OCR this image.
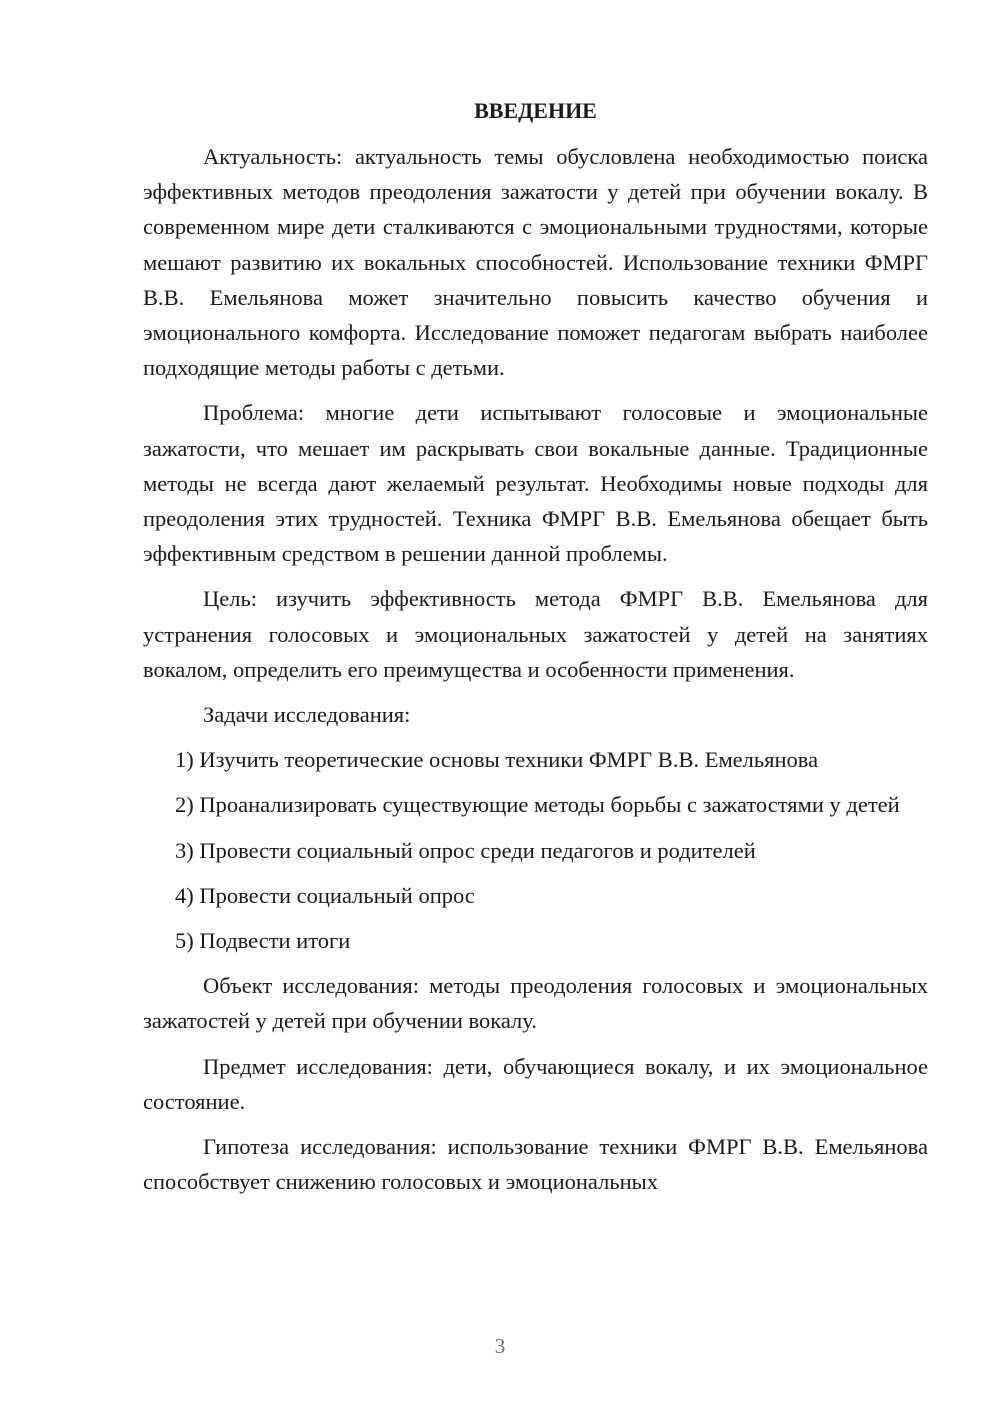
ВВЕДЕНИЕ

Актуальность: актуальность темы обусловлена необходимостью поиска эффективных методов преодоления зажатости у детей при обучении вокалу. В современном мире дети сталкиваются с эмоциональными трудностями, которые мешают развитию их вокальных способностей. Использование техники ФМРГ В.В. Емельянова может значительно повысить качество обучения и эмоционального комфорта. Исследование поможет педагогам выбрать наиболее подходящие методы работы с детьми.

Проблема: многие дети испытывают голосовые и эмоциональные зажатости, что мешает им раскрывать свои вокальные данные. Традиционные методы не всегда дают желаемый результат. Необходимы новые подходы для преодоления этих трудностей. Техника ФМРГ В.В. Емельянова обещает быть эффективным средством в решении данной проблемы.

Цель: изучить эффективность метода ФМРГ В.В. Емельянова для устранения голосовых и эмоциональных зажатостей у детей на занятиях вокалом, определить его преимущества и особенности применения.

Задачи исследования:

1) Изучить теоретические основы техники ФМРГ В.В. Емельянова

2) Проанализировать существующие методы борьбы с зажатостями у детей

3) Провести социальный опрос среди педагогов и родителей

4) Провести социальный опрос

5) Подвести итоги

Объект исследования: методы преодоления голосовых и эмоциональных зажатостей у детей при обучении вокалу.

Предмет исследования: дети, обучающиеся вокалу, и их эмоциональное состояние.

Гипотеза исследования: использование техники ФМРГ В.В. Емельянова способствует снижению голосовых и эмоциональных

3
